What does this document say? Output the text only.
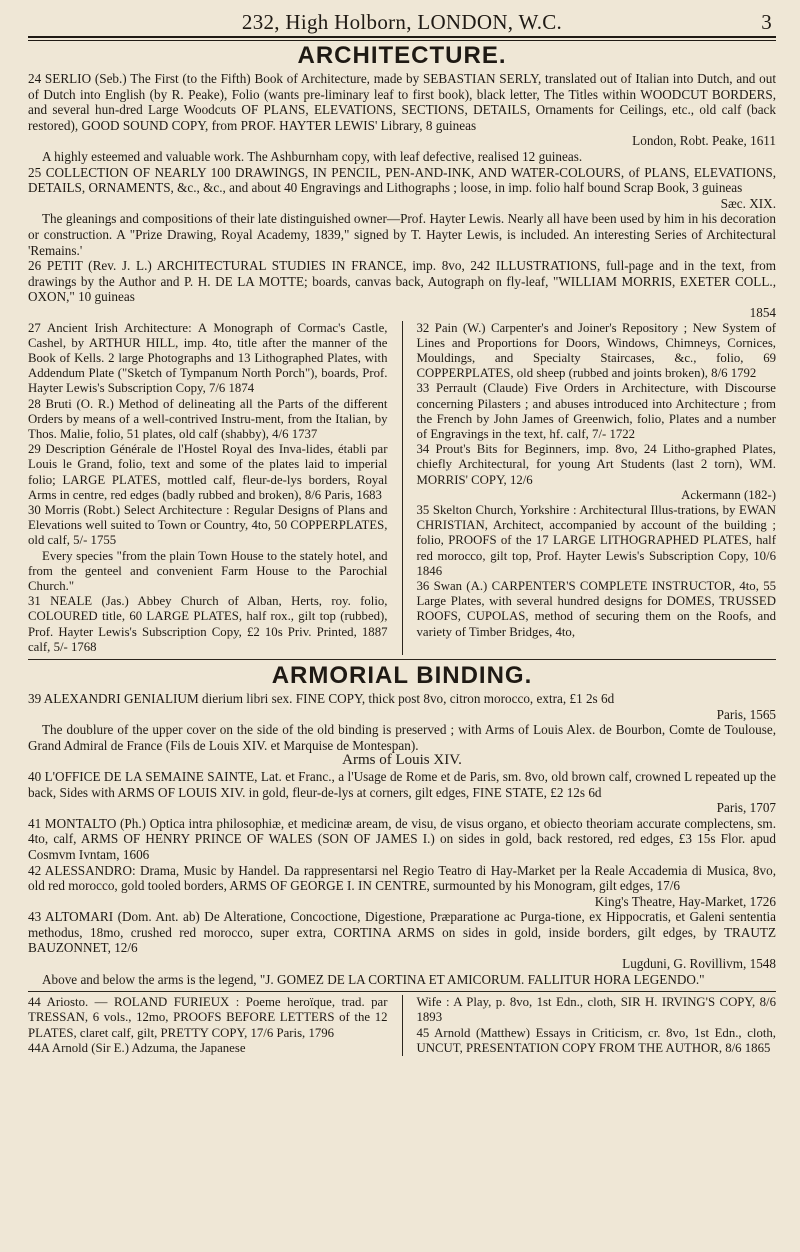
232, High Holborn, LONDON, W.C.	3
ARCHITECTURE.

24 SERLIO (Seb.) The First (to the Fifth) Book of Architecture, made by SEBASTIAN SERLY, translated out of Italian into Dutch, and out of Dutch into English (by R. Peake), Folio (wants pre-liminary leaf to first book), black letter, The Titles within WOODCUT BORDERS, and several hun-dred Large Woodcuts OF PLANS, ELEVATIONS, SECTIONS, DETAILS, Ornaments for Ceilings, etc., old calf (back restored), GOOD SOUND COPY, from PROF. HAYTER LEWIS' Library, 8 guineas

London, Robt. Peake, 1611

A highly esteemed and valuable work. The Ashburnham copy, with leaf defective, realised 12 guineas.

25 COLLECTION OF NEARLY 100 DRAWINGS, IN PENCIL, PEN-AND-INK, AND WATER-COLOURS, of PLANS, ELEVATIONS, DETAILS, ORNAMENTS, &c., &c., and about 40 Engravings and Lithographs ; loose, in imp. folio half bound Scrap Book, 3 guineas

Sæc. XIX.

The gleanings and compositions of their late distinguished owner—Prof. Hayter Lewis. Nearly all have been used by him in his decoration or construction. A "Prize Drawing, Royal Academy, 1839," signed by T. Hayter Lewis, is included. An interesting Series of Architectural 'Remains.'

26 PETIT (Rev. J. L.) ARCHITECTURAL STUDIES IN FRANCE, imp. 8vo, 242 ILLUSTRATIONS, full-page and in the text, from drawings by the Author and P. H. DE LA MOTTE; boards, canvas back, Autograph on fly-leaf, "WILLIAM MORRIS, EXETER COLL., OXON," 10 guineas

1854

27 Ancient Irish Architecture: A Monograph of Cormac's Castle, Cashel, by ARTHUR HILL, imp. 4to, title after the manner of the Book of Kells. 2 large Photographs and 13 Lithographed Plates, with Addendum Plate ("Sketch of Tympanum North Porch"), boards, Prof. Hayter Lewis's Subscription Copy, 7/6 1874

28 Bruti (O. R.) Method of delineating all the Parts of the different Orders by means of a well-contrived Instru-ment, from the Italian, by Thos. Malie, folio, 51 plates, old calf (shabby), 4/6 1737

29 Description Générale de l'Hostel Royal des Inva-lides, établi par Louis le Grand, folio, text and some of the plates laid to imperial folio; LARGE PLATES, mottled calf, fleur-de-lys borders, Royal Arms in centre, red edges (badly rubbed and broken), 8/6 Paris, 1683

30 Morris (Robt.) Select Architecture : Regular Designs of Plans and Elevations well suited to Town or Country, 4to, 50 COPPERPLATES, old calf, 5/- 1755

Every species "from the plain Town House to the stately hotel, and from the genteel and convenient Farm House to the Parochial Church."

31 NEALE (Jas.) Abbey Church of Alban, Herts, roy. folio, COLOURED title, 60 LARGE PLATES, half rox., gilt top (rubbed), Prof. Hayter Lewis's Subscription Copy, £2 10s Priv. Printed, 1887 calf, 5/- 1768

32 Pain (W.) Carpenter's and Joiner's Repository ; New System of Lines and Proportions for Doors, Windows, Chimneys, Cornices, Mouldings, and Specialty Staircases, &c., folio, 69 COPPERPLATES, old sheep (rubbed and joints broken), 8/6 1792

33 Perrault (Claude) Five Orders in Architecture, with Discourse concerning Pilasters ; and abuses introduced into Architecture ; from the French by John James of Greenwich, folio, Plates and a number of Engravings in the text, hf. calf, 7/- 1722

34 Prout's Bits for Beginners, imp. 8vo, 24 Litho-graphed Plates, chiefly Architectural, for young Art Students (last 2 torn), WM. MORRIS' COPY, 12/6

Ackermann (182-)

35 Skelton Church, Yorkshire : Architectural Illus-trations, by EWAN CHRISTIAN, Architect, accompanied by account of the building ; folio, PROOFS of the 17 LARGE LITHOGRAPHED PLATES, half red morocco, gilt top, Prof. Hayter Lewis's Subscription Copy, 10/6 1846

36 Swan (A.) CARPENTER'S COMPLETE INSTRUCTOR, 4to, 55 Large Plates, with several hundred designs for DOMES, TRUSSED ROOFS, CUPOLAS, method of securing them on the Roofs, and variety of Timber Bridges, 4to,

ARMORIAL BINDING.

39 ALEXANDRI GENIALIUM dierium libri sex. FINE COPY, thick post 8vo, citron morocco, extra, £1 2s 6d

Paris, 1565

The doublure of the upper cover on the side of the old binding is preserved ; with Arms of Louis Alex. de Bourbon, Comte de Toulouse, Grand Admiral de France (Fils de Louis XIV. et Marquise de Montespan).

Arms of Louis XIV.

40 L'OFFICE DE LA SEMAINE SAINTE, Lat. et Franc., a l'Usage de Rome et de Paris, sm. 8vo, old brown calf, crowned L repeated up the back, Sides with ARMS OF LOUIS XIV. in gold, fleur-de-lys at corners, gilt edges, FINE STATE, £2 12s 6d

Paris, 1707

41 MONTALTO (Ph.) Optica intra philosophiæ, et medicinæ aream, de visu, de visus organo, et obiecto theoriam accurate complectens, sm. 4to, calf, ARMS OF HENRY PRINCE OF WALES (SON OF JAMES I.) on sides in gold, back restored, red edges, £3 15s Flor. apud Cosmvm Ivntam, 1606

42 ALESSANDRO: Drama, Music by Handel. Da rappresentarsi nel Regio Teatro di Hay-Market per la Reale Accademia di Musica, 8vo, old red morocco, gold tooled borders, ARMS OF GEORGE I. IN CENTRE, surmounted by his Monogram, gilt edges, 17/6

King's Theatre, Hay-Market, 1726

43 ALTOMARI (Dom. Ant. ab) De Alteratione, Concoctione, Digestione, Præparatione ac Purga-tione, ex Hippocratis, et Galeni sententia methodus, 18mo, crushed red morocco, super extra, CORTINA ARMS on sides in gold, inside borders, gilt edges, by TRAUTZ BAUZONNET, 12/6

Lugduni, G. Rovillivm, 1548

Above and below the arms is the legend, "J. GOMEZ DE LA CORTINA ET AMICORUM. FALLITUR HORA LEGENDO."

44 Ariosto. — ROLAND FURIEUX : Poeme heroïque, trad. par TRESSAN, 6 vols., 12mo, PROOFS BEFORE LETTERS of the 12 PLATES, claret calf, gilt, PRETTY COPY, 17/6 Paris, 1796

44A Arnold (Sir E.) Adzuma, the Japanese

Wife : A Play, p. 8vo, 1st Edn., cloth, SIR H. IRVING'S COPY, 8/6 1893

45 Arnold (Matthew) Essays in Criticism, cr. 8vo, 1st Edn., cloth, UNCUT, PRESENTATION COPY FROM THE AUTHOR, 8/6 1865
